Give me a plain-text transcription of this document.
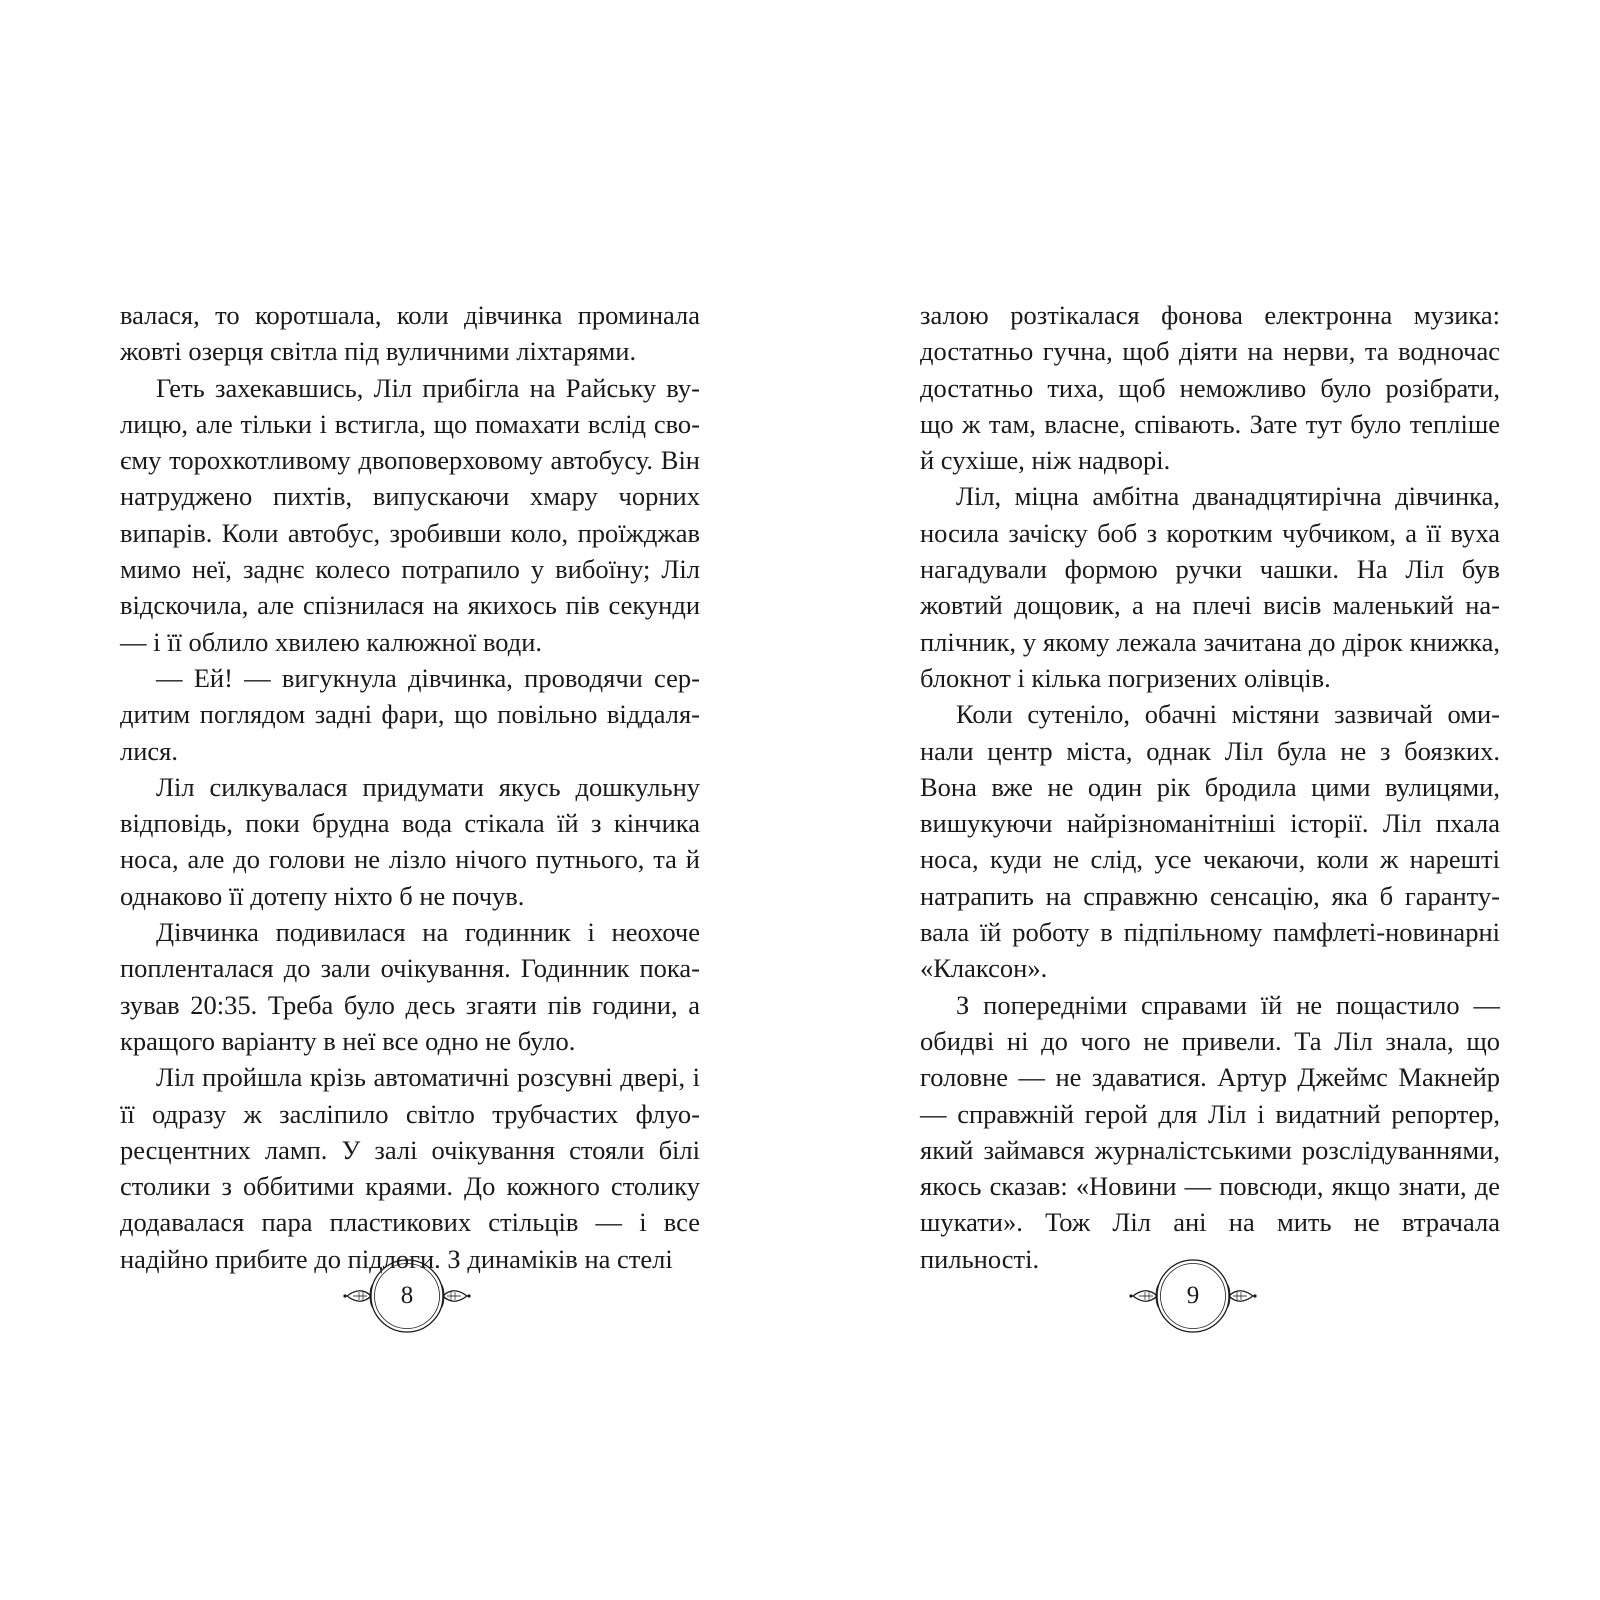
валася, то коротшала, коли дівчинка проминала жовті озерця світла під вуличними ліхтарями.

Геть захекавшись, Ліл прибігла на Райську вулицю, але тільки і встигла, що помахати вслід своєму торохкотливому двоповерховому автобусу. Він натруджено пихтів, випускаючи хмару чорних випарів. Коли автобус, зробивши коло, проїжджав мимо неї, заднє колесо потрапило у вибоїну; Ліл відскочила, але спізнилася на якихось пів секунди — і її облило хвилею калюжної води.

— Ей! — вигукнула дівчинка, проводячи сердитим поглядом задні фари, що повільно віддалялися.

Ліл силкувалася придумати якусь дошкульну відповідь, поки брудна вода стікала їй з кінчика носа, але до голови не лізло нічого путнього, та й однаково її дотепу ніхто б не почув.

Дівчинка подивилася на годинник і неохоче попленталася до зали очікування. Годинник показував 20:35. Треба було десь згаяти пів години, а кращого варіанту в неї все одно не було.

Ліл пройшла крізь автоматичні розсувні двері, і її одразу ж засліпило світло трубчастих флуоресцентних ламп. У залі очікування стояли білі столики з оббитими краями. До кожного столику додавалася пара пластикових стільців — і все надійно прибите до підлоги. З динаміків на стелі

8

залою розтікалася фонова електронна музика: достатньо гучна, щоб діяти на нерви, та водночас достатньо тиха, щоб неможливо було розібрати, що ж там, власне, співають. Зате тут було тепліше й сухіше, ніж надворі.

Ліл, міцна амбітна дванадцятирічна дівчинка, носила зачіску боб з коротким чубчиком, а її вуха нагадували формою ручки чашки. На Ліл був жовтий дощовик, а на плечі висів маленький наплічник, у якому лежала зачитана до дірок книжка, блокнот і кілька погризених олівців.

Коли сутеніло, обачні містяни зазвичай оминали центр міста, однак Ліл була не з боязких. Вона вже не один рік бродила цими вулицями, вишукуючи найрізноманітніші історії. Ліл пхала носа, куди не слід, усе чекаючи, коли ж нарешті натрапить на справжню сенсацію, яка б гарантувала їй роботу в підпільному памфлеті-новинарні «Клаксон».

З попередніми справами їй не пощастило — обидві ні до чого не привели. Та Ліл знала, що головне — не здаватися. Артур Джеймс Макнейр — справжній герой для Ліл і видатний репортер, який займався журналістськими розслідуваннями, якось сказав: «Новини — повсюди, якщо знати, де шукати». Тож Ліл ані на мить не втрачала пильності.

9
